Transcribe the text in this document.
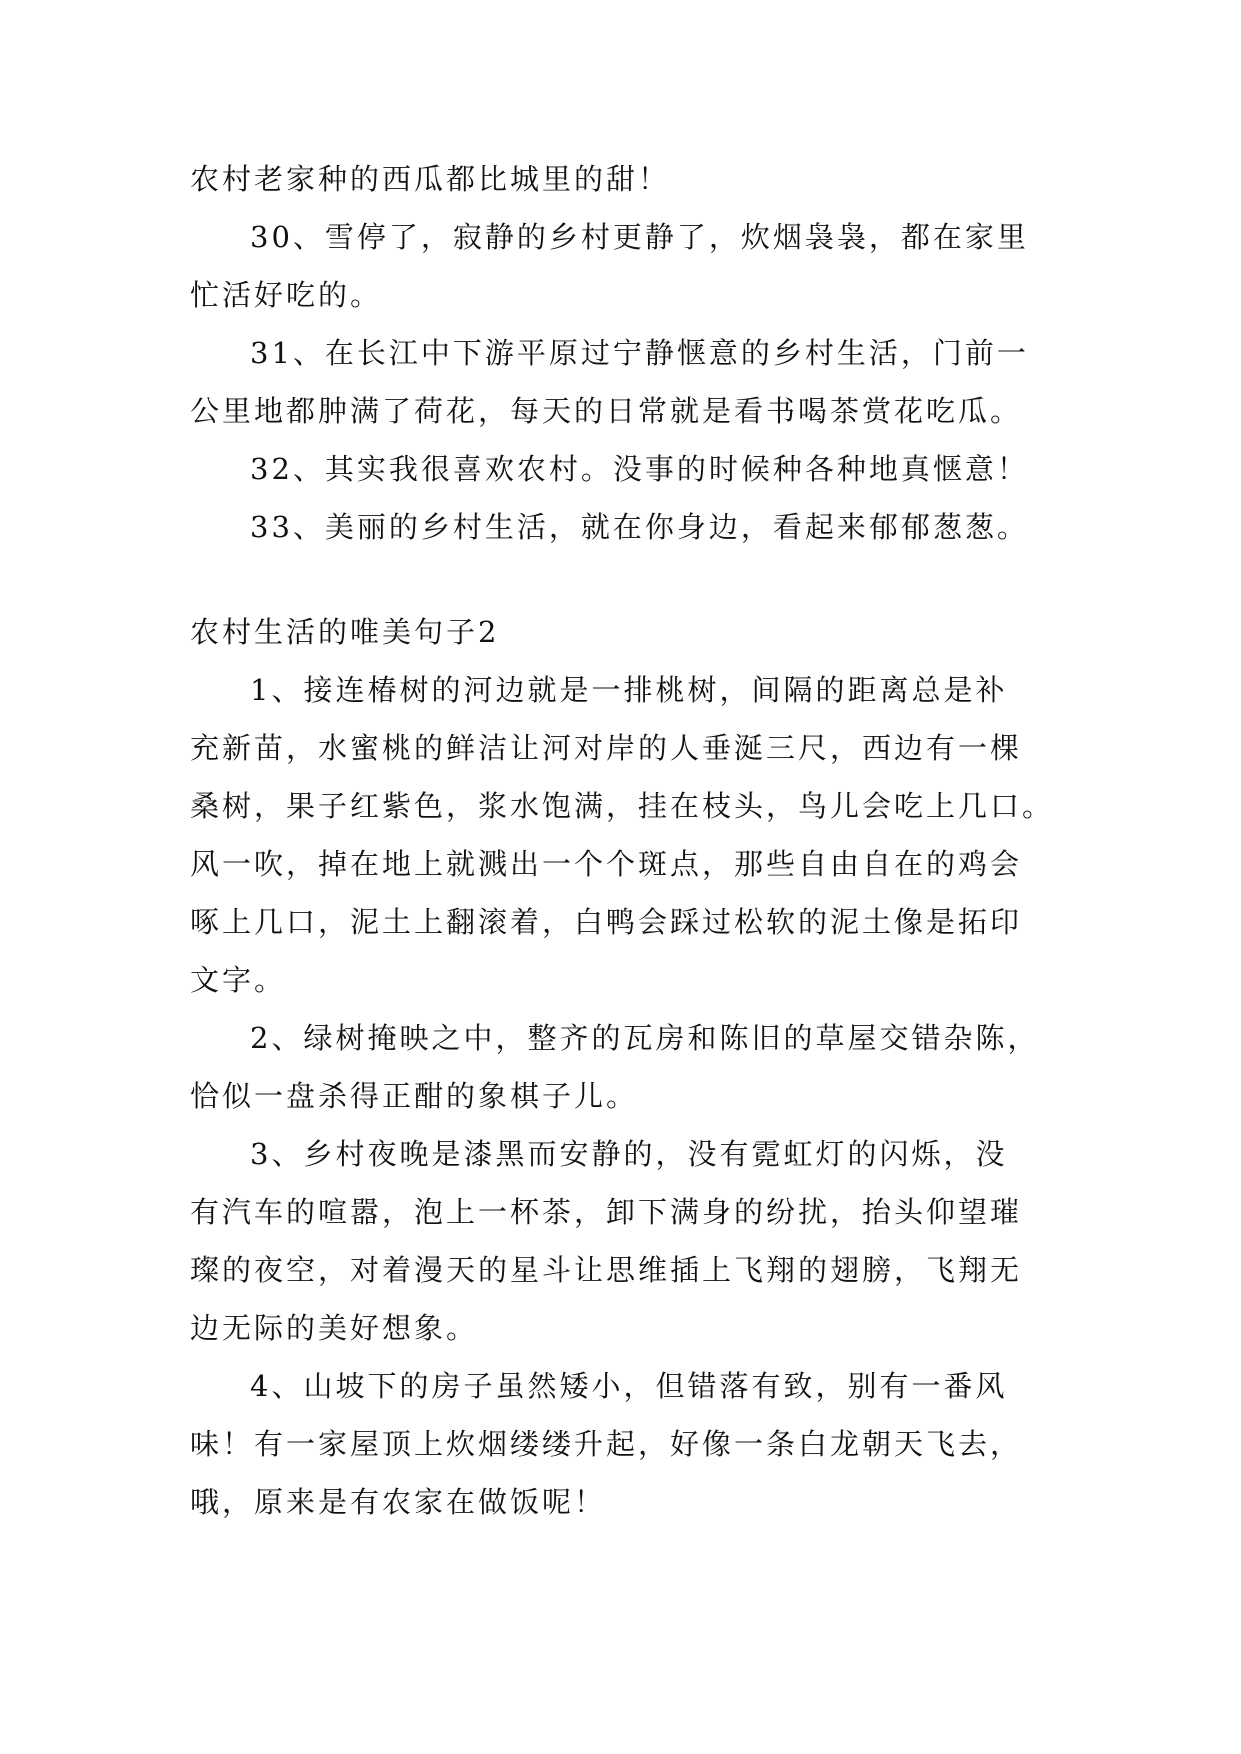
农村老家种的西瓜都比城里的甜！

30、雪停了，寂静的乡村更静了，炊烟袅袅，都在家里

忙活好吃的。

31、在长江中下游平原过宁静惬意的乡村生活，门前一

公里地都肿满了荷花，每天的日常就是看书喝茶赏花吃瓜。

32、其实我很喜欢农村。没事的时候种各种地真惬意！

33、美丽的乡村生活，就在你身边，看起来郁郁葱葱。

农村生活的唯美句子2

1、接连椿树的河边就是一排桃树，间隔的距离总是补

充新苗，水蜜桃的鲜洁让河对岸的人垂涎三尺，西边有一棵

桑树，果子红紫色，浆水饱满，挂在枝头，鸟儿会吃上几口。

风一吹，掉在地上就溅出一个个斑点，那些自由自在的鸡会

啄上几口，泥土上翻滚着，白鸭会踩过松软的泥土像是拓印

文字。

2、绿树掩映之中，整齐的瓦房和陈旧的草屋交错杂陈，

恰似一盘杀得正酣的象棋子儿。

3、乡村夜晚是漆黑而安静的，没有霓虹灯的闪烁，没

有汽车的喧嚣，泡上一杯茶，卸下满身的纷扰，抬头仰望璀

璨的夜空，对着漫天的星斗让思维插上飞翔的翅膀，飞翔无

边无际的美好想象。

4、山坡下的房子虽然矮小，但错落有致，别有一番风

味！有一家屋顶上炊烟缕缕升起，好像一条白龙朝天飞去，

哦，原来是有农家在做饭呢！
